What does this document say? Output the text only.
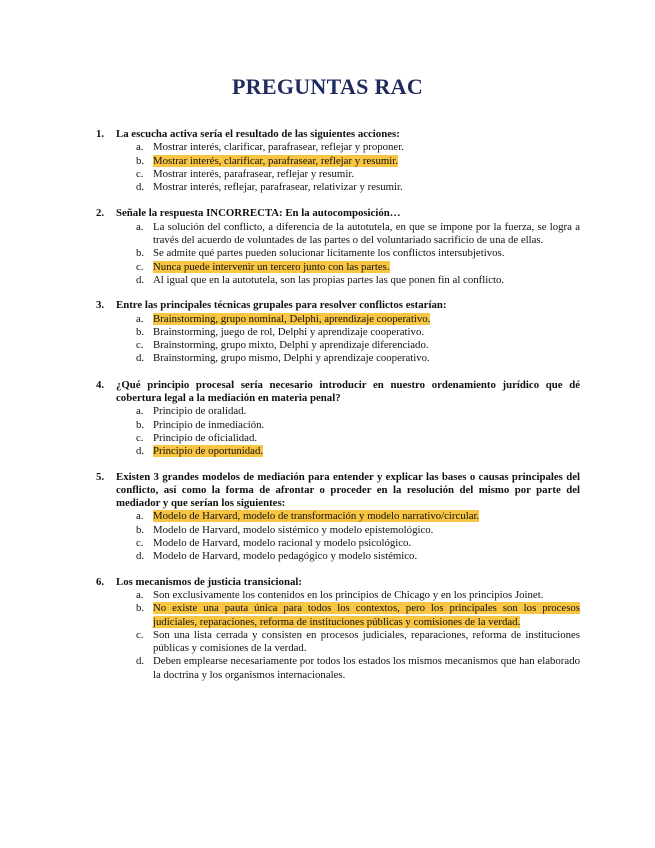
PREGUNTAS RAC
1. La escucha activa sería el resultado de las siguientes acciones:
a. Mostrar interés, clarificar, parafrasear, reflejar y proponer.
b. Mostrar interés, clarificar, parafrasear, reflejar y resumir.
c. Mostrar interés, parafrasear, reflejar y resumir.
d. Mostrar interés, reflejar, parafrasear, relativizar y resumir.
2. Señale la respuesta INCORRECTA: En la autocomposición…
a. La solución del conflicto, a diferencia de la autotutela, en que se impone por la fuerza, se logra a través del acuerdo de voluntades de las partes o del voluntariado sacrificio de una de ellas.
b. Se admite qué partes pueden solucionar lícitamente los conflictos intersubjetivos.
c. Nunca puede intervenir un tercero junto con las partes.
d. Al igual que en la autotutela, son las propias partes las que ponen fin al conflicto.
3. Entre las principales técnicas grupales para resolver conflictos estarían:
a. Brainstorming, grupo nominal, Delphi, aprendizaje cooperativo.
b. Brainstorming, juego de rol, Delphi y aprendizaje cooperativo.
c. Brainstorming, grupo mixto, Delphi y aprendizaje diferenciado.
d. Brainstorming, grupo mismo, Delphi y aprendizaje cooperativo.
4. ¿Qué principio procesal sería necesario introducir en nuestro ordenamiento jurídico que dé cobertura legal a la mediación en materia penal?
a. Principio de oralidad.
b. Principio de inmediación.
c. Principio de oficialidad.
d. Principio de oportunidad.
5. Existen 3 grandes modelos de mediación para entender y explicar las bases o causas principales del conflicto, así como la forma de afrontar o proceder en la resolución del mismo por parte del mediador y que serían los siguientes:
a. Modelo de Harvard, modelo de transformación y modelo narrativo/circular.
b. Modelo de Harvard, modelo sistémico y modelo epistemológico.
c. Modelo de Harvard, modelo racional y modelo psicológico.
d. Modelo de Harvard, modelo pedagógico y modelo sistémico.
6. Los mecanismos de justicia transicional:
a. Son exclusivamente los contenidos en los principios de Chicago y en los principios Joinet.
b. No existe una pauta única para todos los contextos, pero los principales son los procesos judiciales, reparaciones, reforma de instituciones públicas y comisiones de la verdad.
c. Son una lista cerrada y consisten en procesos judiciales, reparaciones, reforma de instituciones públicas y comisiones de la verdad.
d. Deben emplearse necesariamente por todos los estados los mismos mecanismos que han elaborado la doctrina y los organismos internacionales.
